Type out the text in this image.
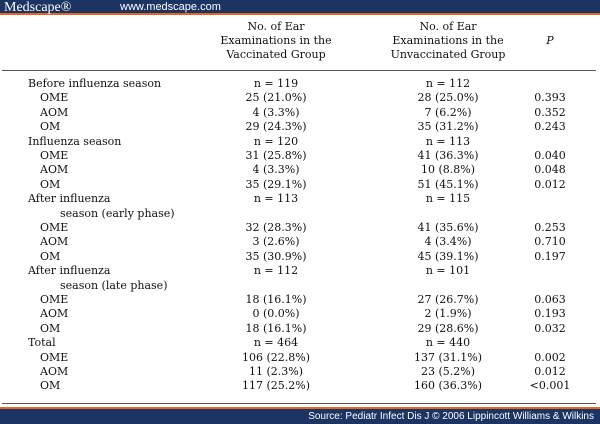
Medscape®	www.medscape.com
No. of Ear
Examinations in the
Vaccinated Group
No. of Ear
Examinations in the
Unvaccinated Group
P
Before influenza season	n = 119	n = 112
OME	25 (21.0%)	28 (25.0%)	0.393
AOM	4 (3.3%)	7 (6.2%)	0.352
OM	29 (24.3%)	35 (31.2%)	0.243
Influenza season	n = 120	n = 113
OME	31 (25.8%)	41 (36.3%)	0.040
AOM	4 (3.3%)	10 (8.8%)	0.048
OM	35 (29.1%)	51 (45.1%)	0.012
After influenza	n = 113	n = 115
season (early phase)
OME	32 (28.3%)	41 (35.6%)	0.253
AOM	3 (2.6%)	4 (3.4%)	0.710
OM	35 (30.9%)	45 (39.1%)	0.197
After influenza	n = 112	n = 101
season (late phase)
OME	18 (16.1%)	27 (26.7%)	0.063
AOM	0 (0.0%)	2 (1.9%)	0.193
OM	18 (16.1%)	29 (28.6%)	0.032
Total	n = 464	n = 440
OME	106 (22.8%)	137 (31.1%)	0.002
AOM	11 (2.3%)	23 (5.2%)	0.012
OM	117 (25.2%)	160 (36.3%)	<0.001
Source: Pediatr Infect Dis J © 2006 Lippincott Williams & Wilkins
